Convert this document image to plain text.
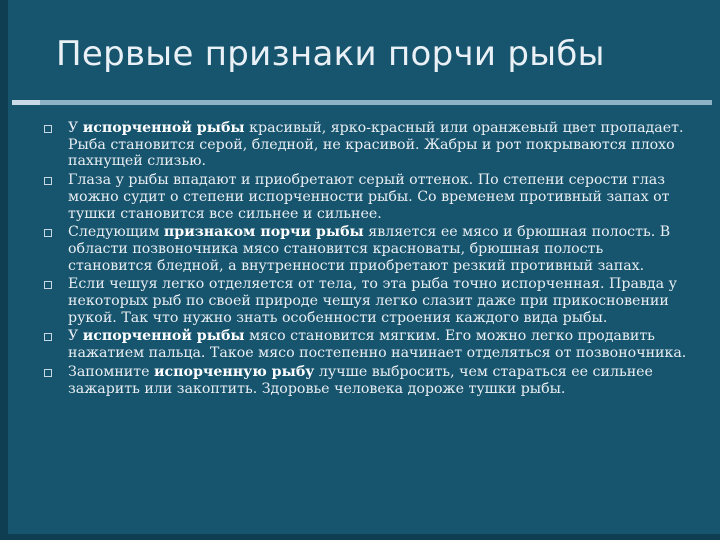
Первые признаки порчи рыбы
У испорченной рыбы красивый, ярко-красный или оранжевый цвет пропадает. Рыба становится серой, бледной, не красивой. Жабры и рот покрываются плохо пахнущей слизью.
Глаза у рыбы впадают и приобретают серый оттенок. По степени серости глаз можно судит о степени испорченности рыбы. Со временем противный запах от тушки становится все сильнее и сильнее.
Следующим признаком порчи рыбы является ее мясо и брюшная полость. В области позвоночника мясо становится красноваты, брюшная полость становится бледной, а внутренности приобретают резкий противный запах.
Если чешуя легко отделяется от тела, то эта рыба точно испорченная. Правда у некоторых рыб по своей природе чешуя легко слазит даже при прикосновении рукой. Так что нужно знать особенности строения каждого вида рыбы.
У испорченной рыбы мясо становится мягким. Его можно легко продавить нажатием пальца. Такое мясо постепенно начинает отделяться от позвоночника.
Запомните испорченную рыбу лучше выбросить, чем стараться ее сильнее зажарить или закоптить. Здоровье человека дороже тушки рыбы.
